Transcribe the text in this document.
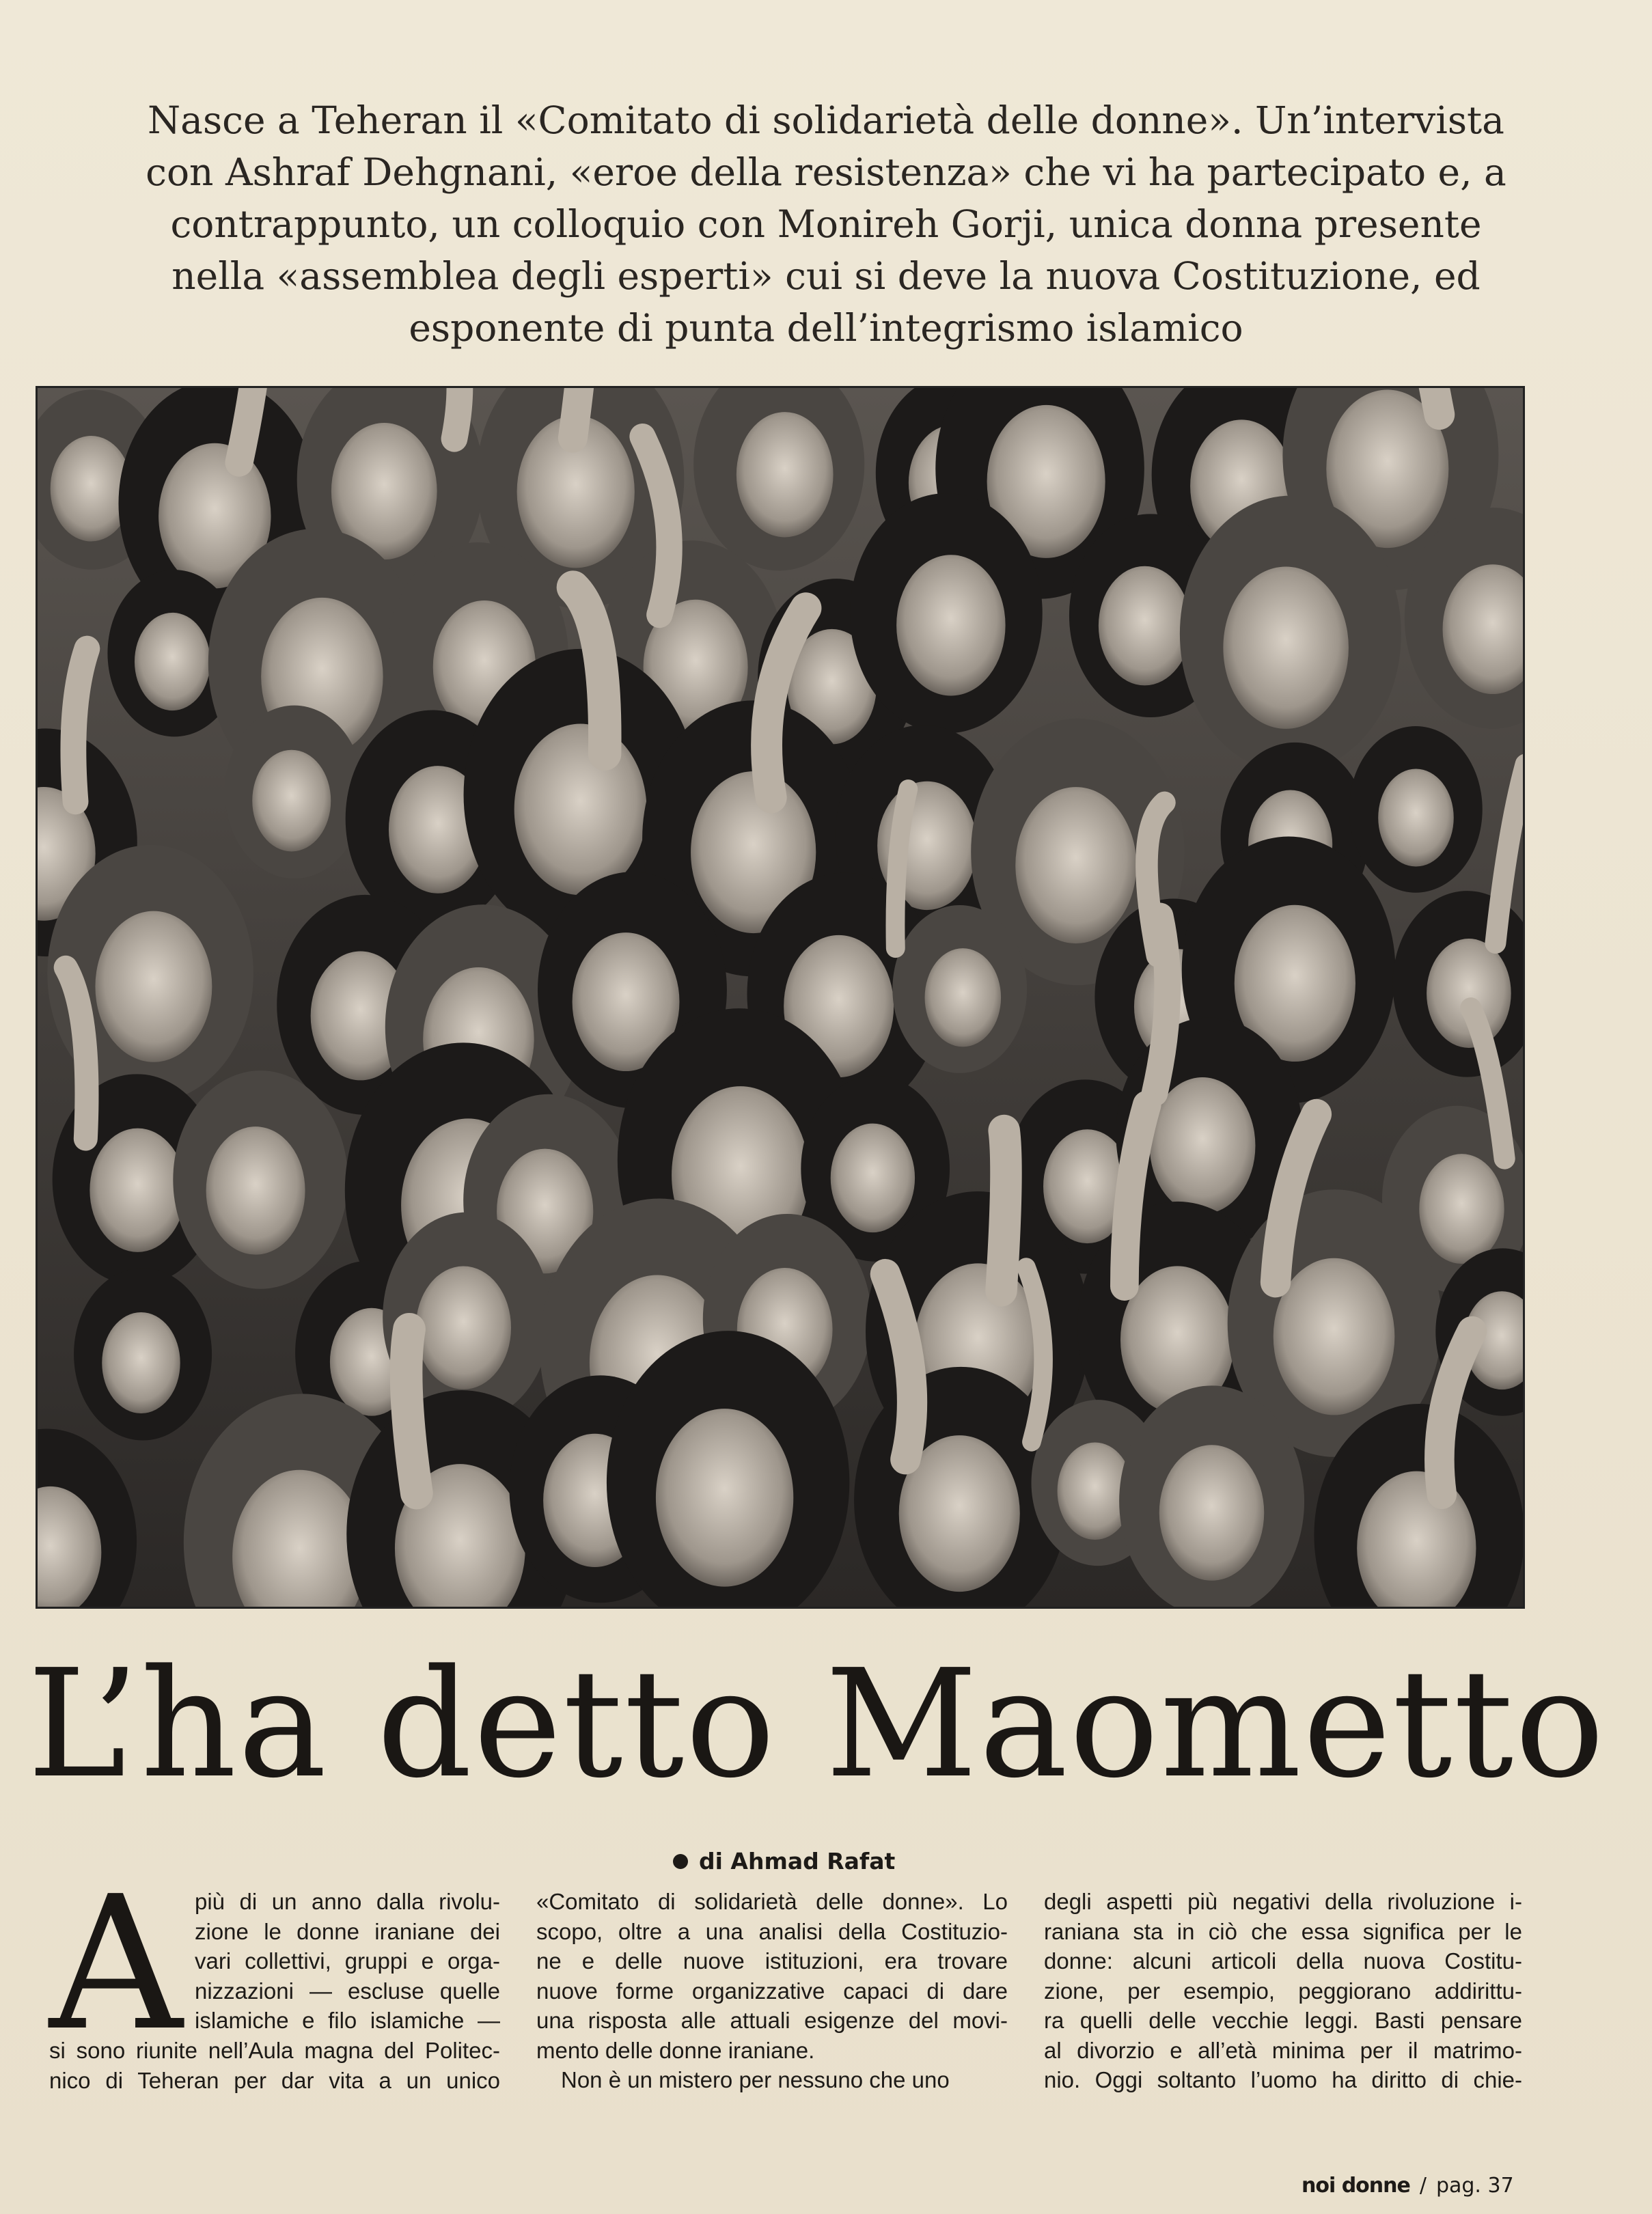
Nasce a Teheran il «Comitato di solidarietà delle donne». Un’intervista
con Ashraf Dehgnani, «eroe della resistenza» che vi ha partecipato e, a
contrappunto, un colloquio con Monireh Gorji, unica donna presente
nella «assemblea degli esperti» cui si deve la nuova Costituzione, ed
esponente di punta dell’integrismo islamico
L’ha detto Maometto
di Ahmad Rafat
A più di un anno dalla rivolu-
zione le donne iraniane dei
vari collettivi, gruppi e orga-
nizzazioni — escluse quelle
islamiche e filo islamiche —
si sono riunite nell’Aula magna del Politec-
nico di Teheran per dar vita a un unico
«Comitato di solidarietà delle donne». Lo
scopo, oltre a una analisi della Costituzio-
ne e delle nuove istituzioni, era trovare
nuove forme organizzative capaci di dare
una risposta alle attuali esigenze del movi-
mento delle donne iraniane.
Non è un mistero per nessuno che uno
degli aspetti più negativi della rivoluzione i-
raniana sta in ciò che essa significa per le
donne: alcuni articoli della nuova Costitu-
zione, per esempio, peggiorano addirittu-
ra quelli delle vecchie leggi. Basti pensare
al divorzio e all’età minima per il matrimo-
nio. Oggi soltanto l’uomo ha diritto di chie-
noi donne / pag. 37
